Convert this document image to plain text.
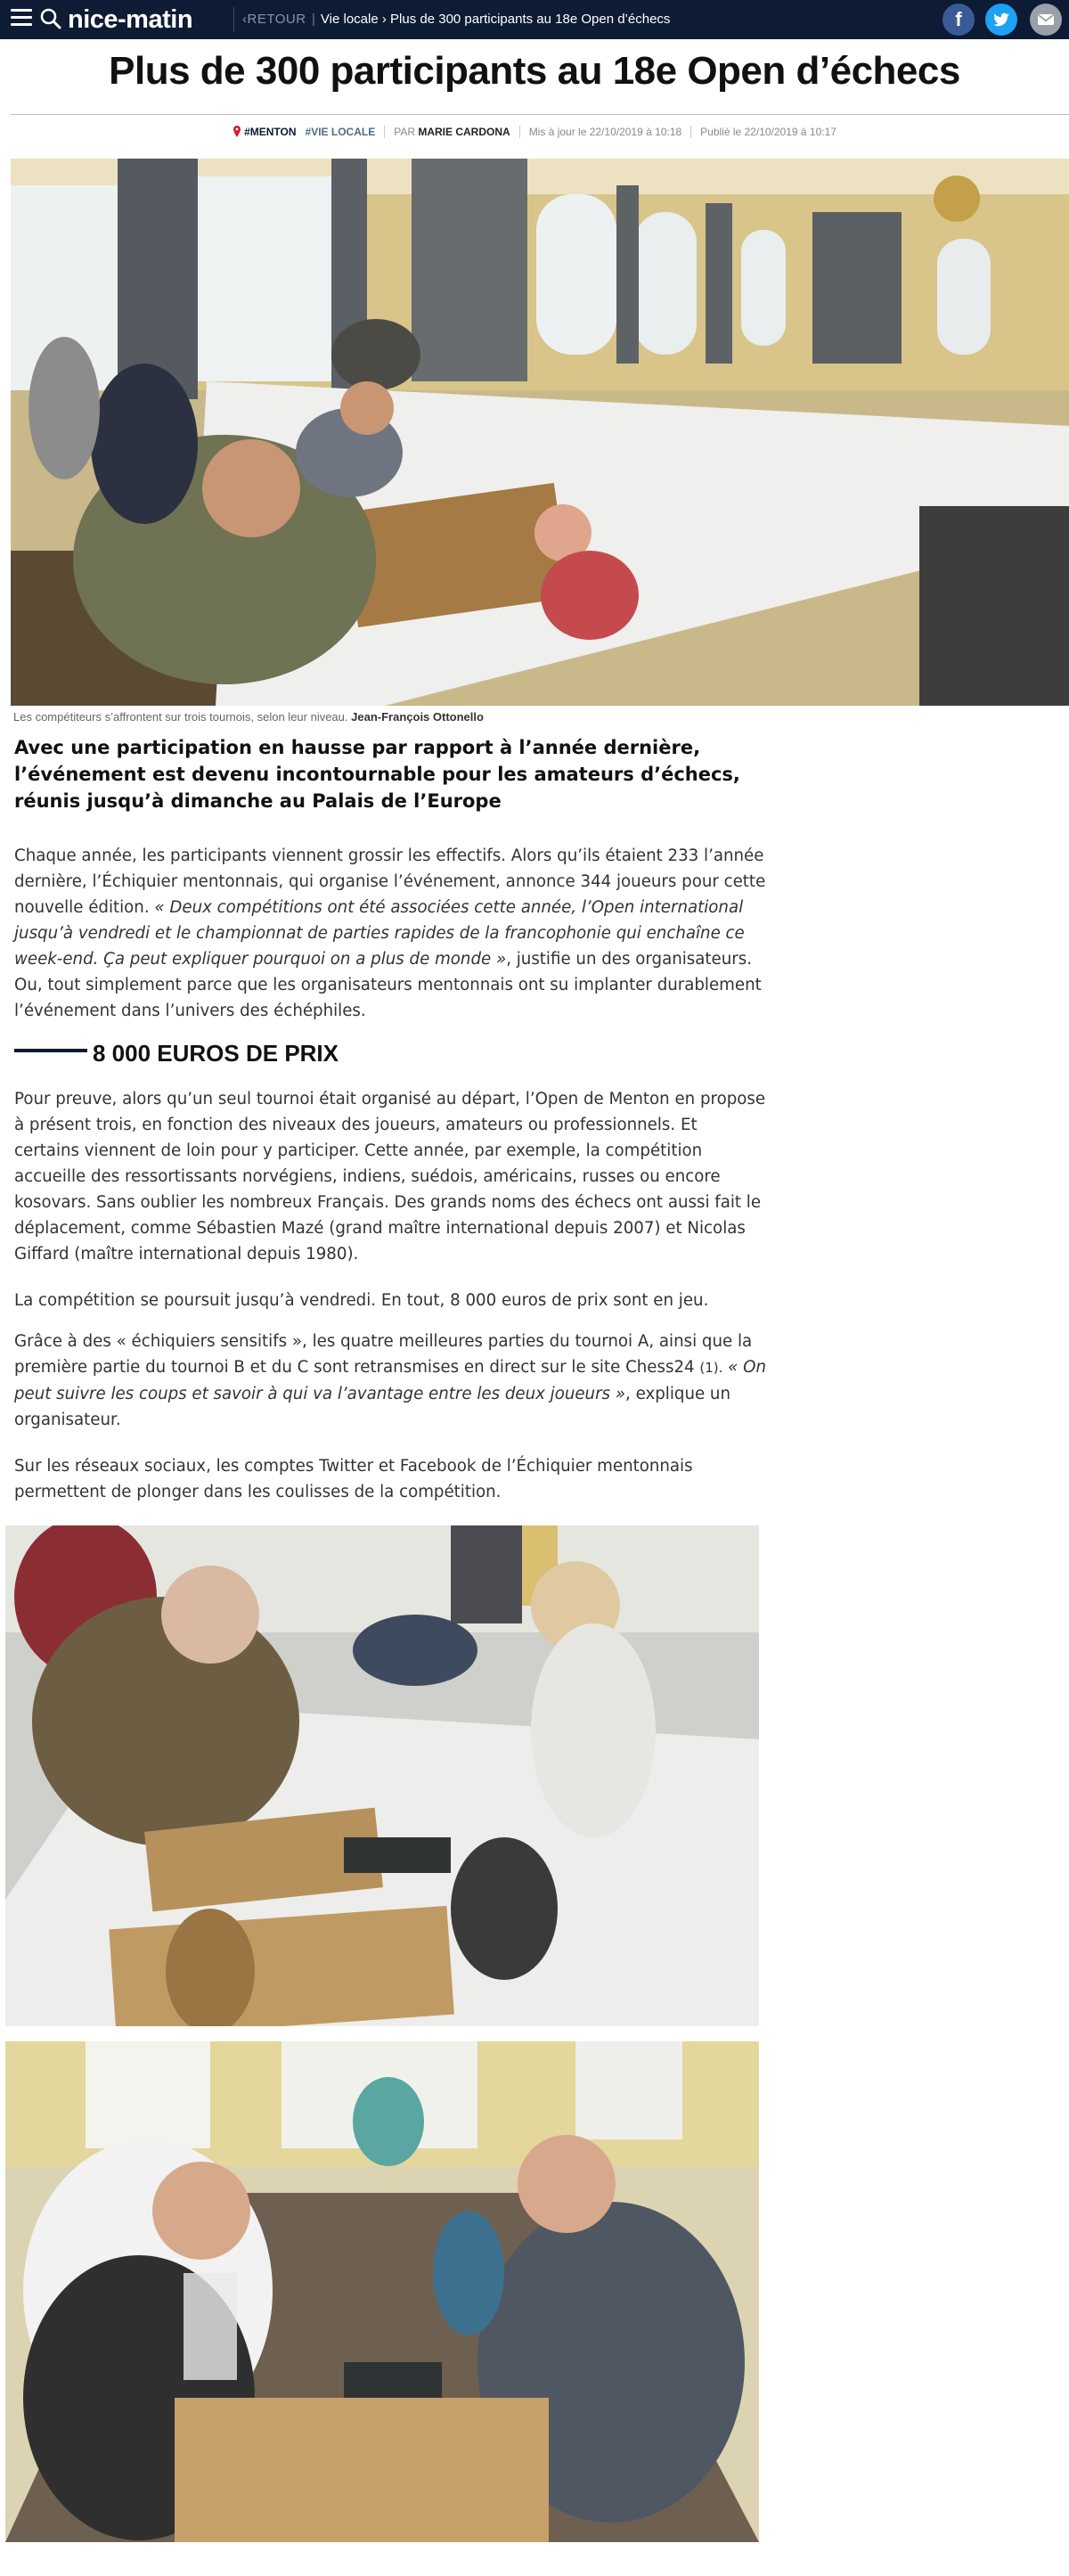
nice-matin	‹RETOUR | Vie locale › Plus de 300 participants au 18e Open d’échecs	f
Plus de 300 participants au 18e Open d’échecs
#MENTON #VIE LOCALE PAR MARIE CARDONA Mis à jour le 22/10/2019 à 10:18 Publié le 22/10/2019 à 10:17
Les compétiteurs s’affrontent sur trois tournois, selon leur niveau. Jean-François Ottonello

Avec une participation en hausse par rapport à l’année dernière, l’événement est devenu incontournable pour les amateurs d’échecs, réunis jusqu’à dimanche au Palais de l’Europe

Chaque année, les participants viennent grossir les effectifs. Alors qu’ils étaient 233 l’année dernière, l’Échiquier mentonnais, qui organise l’événement, annonce 344 joueurs pour cette nouvelle édition. « Deux compétitions ont été associées cette année, l’Open international jusqu’à vendredi et le championnat de parties rapides de la francophonie qui enchaîne ce week-end. Ça peut expliquer pourquoi on a plus de monde », justifie un des organisateurs. Ou, tout simplement parce que les organisateurs mentonnais ont su implanter durablement l’événement dans l’univers des échéphiles.

8 000 EUROS DE PRIX

Pour preuve, alors qu’un seul tournoi était organisé au départ, l’Open de Menton en propose à présent trois, en fonction des niveaux des joueurs, amateurs ou professionnels. Et certains viennent de loin pour y participer. Cette année, par exemple, la compétition accueille des ressortissants norvégiens, indiens, suédois, américains, russes ou encore kosovars. Sans oublier les nombreux Français. Des grands noms des échecs ont aussi fait le déplacement, comme Sébastien Mazé (grand maître international depuis 2007) et Nicolas Giffard (maître international depuis 1980).

La compétition se poursuit jusqu’à vendredi. En tout, 8 000 euros de prix sont en jeu.

Grâce à des « échiquiers sensitifs », les quatre meilleures parties du tournoi A, ainsi que la première partie du tournoi B et du C sont retransmises en direct sur le site Chess24 (1). « On peut suivre les coups et savoir à qui va l’avantage entre les deux joueurs », explique un organisateur.

Sur les réseaux sociaux, les comptes Twitter et Facebook de l’Échiquier mentonnais permettent de plonger dans les coulisses de la compétition.
